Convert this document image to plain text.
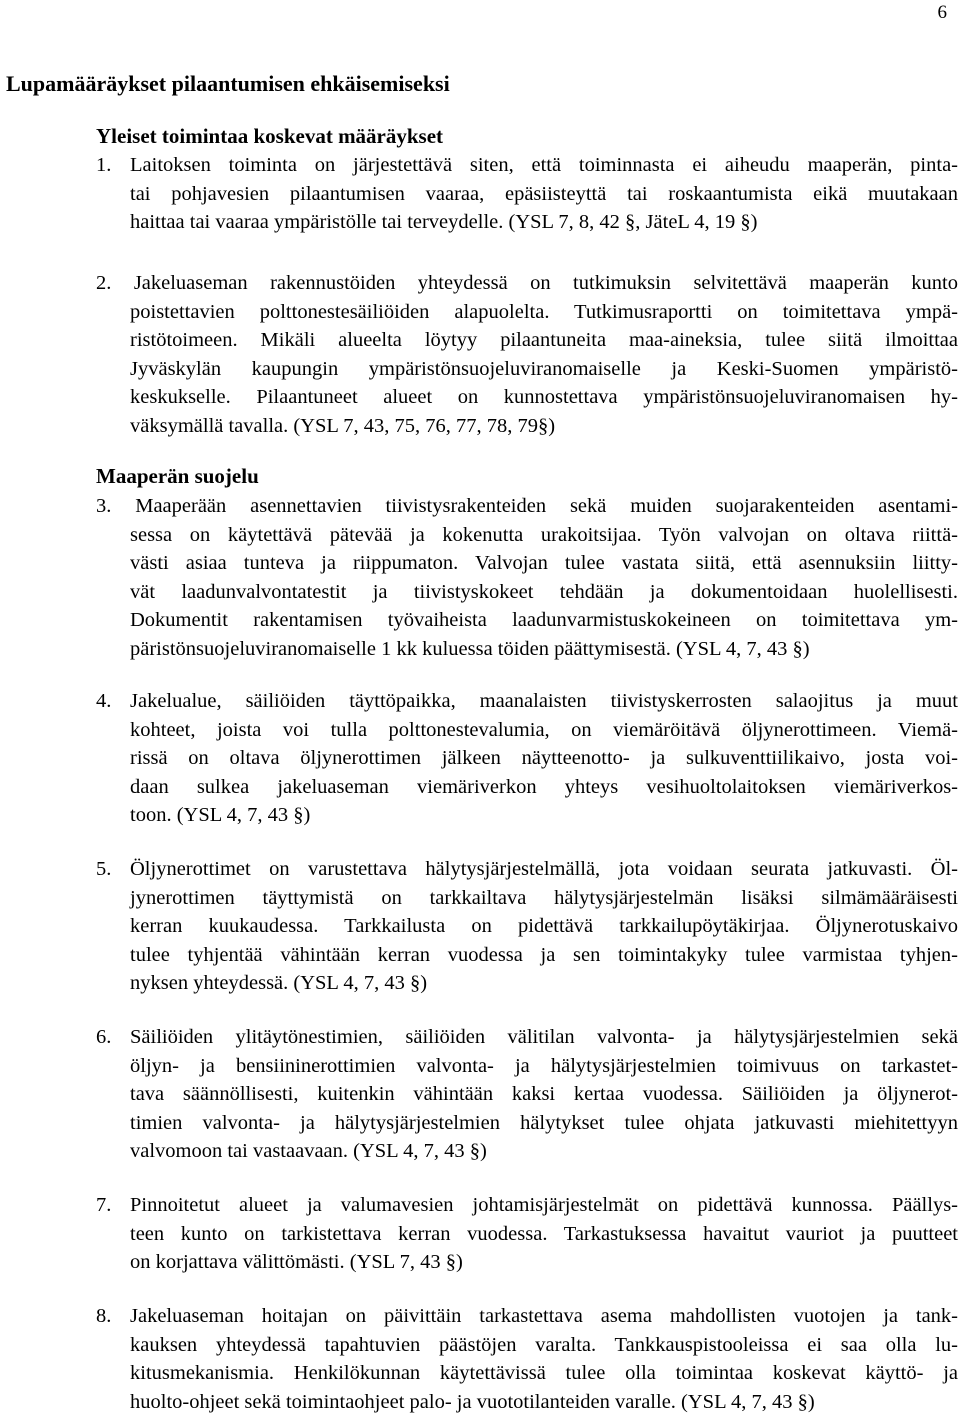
6
Lupamääräykset pilaantumisen ehkäisemiseksi
Yleiset toimintaa koskevat määräykset
1. Laitoksen toiminta on järjestettävä siten, että toiminnasta ei aiheudu maaperän, pinta-
tai pohjavesien pilaantumisen vaaraa, epäsiisteyttä tai roskaantumista eikä muutakaan
haittaa tai vaaraa ympäristölle tai terveydelle. (YSL 7, 8, 42 §, JäteL 4, 19 §)
2. Jakeluaseman rakennustöiden yhteydessä on tutkimuksin selvitettävä maaperän kunto
poistettavien polttonestesäiliöiden alapuolelta. Tutkimusraportti on toimitettava ympä-
ristötoimeen. Mikäli alueelta löytyy pilaantuneita maa-aineksia, tulee siitä ilmoittaa
Jyväskylän kaupungin ympäristönsuojeluviranomaiselle ja Keski-Suomen ympäristö-
keskukselle. Pilaantuneet alueet on kunnostettava ympäristönsuojeluviranomaisen hy-
väksymällä tavalla. (YSL 7, 43, 75, 76, 77, 78, 79§)
Maaperän suojelu
3. Maaperään asennettavien tiivistysrakenteiden sekä muiden suojarakenteiden asentami-
sessa on käytettävä pätevää ja kokenutta urakoitsijaa. Työn valvojan on oltava riittä-
västi asiaa tunteva ja riippumaton. Valvojan tulee vastata siitä, että asennuksiin liitty-
vät laadunvalvontatestit ja tiivistyskokeet tehdään ja dokumentoidaan huolellisesti.
Dokumentit rakentamisen työvaiheista laadunvarmistuskokeineen on toimitettava ym-
päristönsuojeluviranomaiselle 1 kk kuluessa töiden päättymisestä. (YSL 4, 7, 43 §)
4. Jakelualue, säiliöiden täyttöpaikka, maanalaisten tiivistyskerrosten salaojitus ja muut
kohteet, joista voi tulla polttonestevalumia, on viemäröitävä öljynerottimeen. Viemä-
rissä on oltava öljynerottimen jälkeen näytteenotto- ja sulkuventtiilikaivo, josta voi-
daan sulkea jakeluaseman viemäriverkon yhteys vesihuoltolaitoksen viemäriverkos-
toon. (YSL 4, 7, 43 §)
5. Öljynerottimet on varustettava hälytysjärjestelmällä, jota voidaan seurata jatkuvasti. Öl-
jynerottimen täyttymistä on tarkkailtava hälytysjärjestelmän lisäksi silmämääräisesti
kerran kuukaudessa. Tarkkailusta on pidettävä tarkkailupöytäkirjaa. Öljynerotuskaivo
tulee tyhjentää vähintään kerran vuodessa ja sen toimintakyky tulee varmistaa tyhjen-
nyksen yhteydessä. (YSL 4, 7, 43 §)
6. Säiliöiden ylitäytönestimien, säiliöiden välitilan valvonta- ja hälytysjärjestelmien sekä
öljyn- ja bensiininerottimien valvonta- ja hälytysjärjestelmien toimivuus on tarkastet-
tava säännöllisesti, kuitenkin vähintään kaksi kertaa vuodessa. Säiliöiden ja öljynerot-
timien valvonta- ja hälytysjärjestelmien hälytykset tulee ohjata jatkuvasti miehitettyyn
valvomoon tai vastaavaan. (YSL 4, 7, 43 §)
7. Pinnoitetut alueet ja valumavesien johtamisjärjestelmät on pidettävä kunnossa. Päällys-
teen kunto on tarkistettava kerran vuodessa. Tarkastuksessa havaitut vauriot ja puutteet
on korjattava välittömästi. (YSL 7, 43 §)
8. Jakeluaseman hoitajan on päivittäin tarkastettava asema mahdollisten vuotojen ja tank-
kauksen yhteydessä tapahtuvien päästöjen varalta. Tankkauspistooleissa ei saa olla lu-
kitusmekanismia. Henkilökunnan käytettävissä tulee olla toimintaa koskevat käyttö- ja
huolto-ohjeet sekä toimintaohjeet palo- ja vuototilanteiden varalle. (YSL 4, 7, 43 §)
